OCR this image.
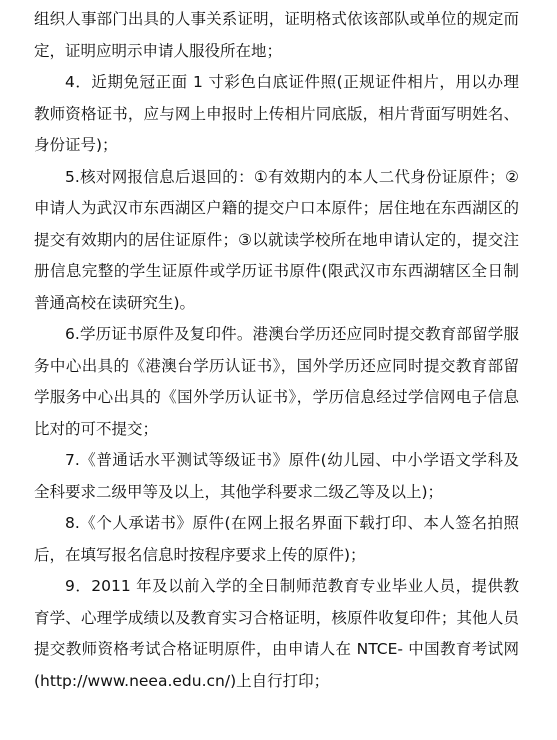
组织人事部门出具的人事关系证明，证明格式依该部队或单位的规定而定，证明应明示申请人服役所在地；

4．近期免冠正面 1 寸彩色白底证件照(正规证件相片，用以办理教师资格证书，应与网上申报时上传相片同底版，相片背面写明姓名、身份证号)；

5.核对网报信息后退回的：①有效期内的本人二代身份证原件；②申请人为武汉市东西湖区户籍的提交户口本原件；居住地在东西湖区的提交有效期内的居住证原件；③以就读学校所在地申请认定的，提交注册信息完整的学生证原件或学历证书原件(限武汉市东西湖辖区全日制普通高校在读研究生)。

6.学历证书原件及复印件。港澳台学历还应同时提交教育部留学服务中心出具的《港澳台学历认证书》，国外学历还应同时提交教育部留学服务中心出具的《国外学历认证书》，学历信息经过学信网电子信息比对的可不提交；

7.《普通话水平测试等级证书》原件(幼儿园、中小学语文学科及全科要求二级甲等及以上，其他学科要求二级乙等及以上)；

8.《个人承诺书》原件(在网上报名界面下载打印、本人签名拍照后，在填写报名信息时按程序要求上传的原件)；

9．2011 年及以前入学的全日制师范教育专业毕业人员，提供教育学、心理学成绩以及教育实习合格证明，核原件收复印件；其他人员提交教师资格考试合格证明原件，由申请人在 NTCE- 中国教育考试网(http://www.neea.edu.cn/)上自行打印；
